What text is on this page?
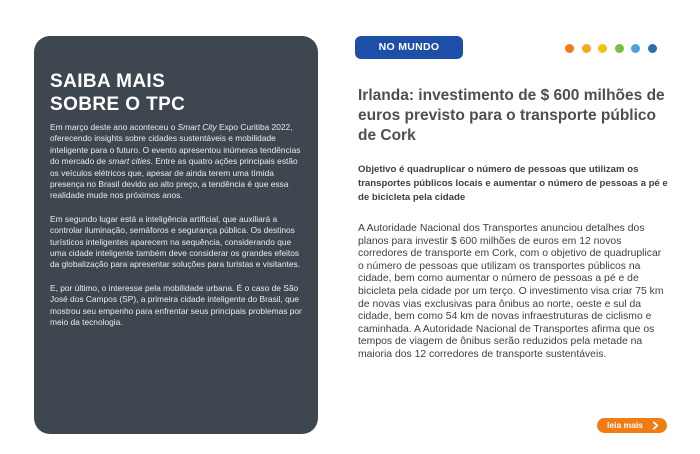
SAIBA MAIS
SOBRE O TPC

Em março deste ano aconteceu o Smart City Expo Curitiba 2022, oferecendo insights sobre cidades sustentáveis e mobilidade inteligente para o futuro. O evento apresentou inúmeras tendências do mercado de smart cities. Entre as quatro ações principais estão os veículos elétricos que, apesar de ainda terem uma tímida presença no Brasil devido ao alto preço, a tendência é que essa realidade mude nos próximos anos.

Em segundo lugar está a inteligência artificial, que auxiliará a controlar iluminação, semáforos e segurança pública. Os destinos turísticos inteligentes aparecem na sequência, considerando que uma cidade inteligente também deve considerar os grandes efeitos da globalização para apresentar soluções para turistas e visitantes.

E, por último, o interesse pela mobilidade urbana. É o caso de São José dos Campos (SP), a primeira cidade inteligente do Brasil, que mostrou seu empenho para enfrentar seus principais problemas por meio da tecnologia.

NO MUNDO
Irlanda: investimento de $ 600 milhões de euros previsto para o transporte público de Cork

Objetivo é quadruplicar o número de pessoas que utilizam os transportes públicos locais e aumentar o número de pessoas a pé e de bicicleta pela cidade

A Autoridade Nacional dos Transportes anunciou detalhes dos planos para investir $ 600 milhões de euros em 12 novos corredores de transporte em Cork, com o objetivo de quadruplicar o número de pessoas que utilizam os transportes públicos na cidade, bem como aumentar o número de pessoas a pé e de bicicleta pela cidade por um terço. O investimento visa criar 75 km de novas vias exclusivas para ônibus ao norte, oeste e sul da cidade, bem como 54 km de novas infraestruturas de ciclismo e caminhada. A Autoridade Nacional de Transportes afirma que os tempos de viagem de ônibus serão reduzidos pela metade na maioria dos 12 corredores de transporte sustentáveis.

leia mais
